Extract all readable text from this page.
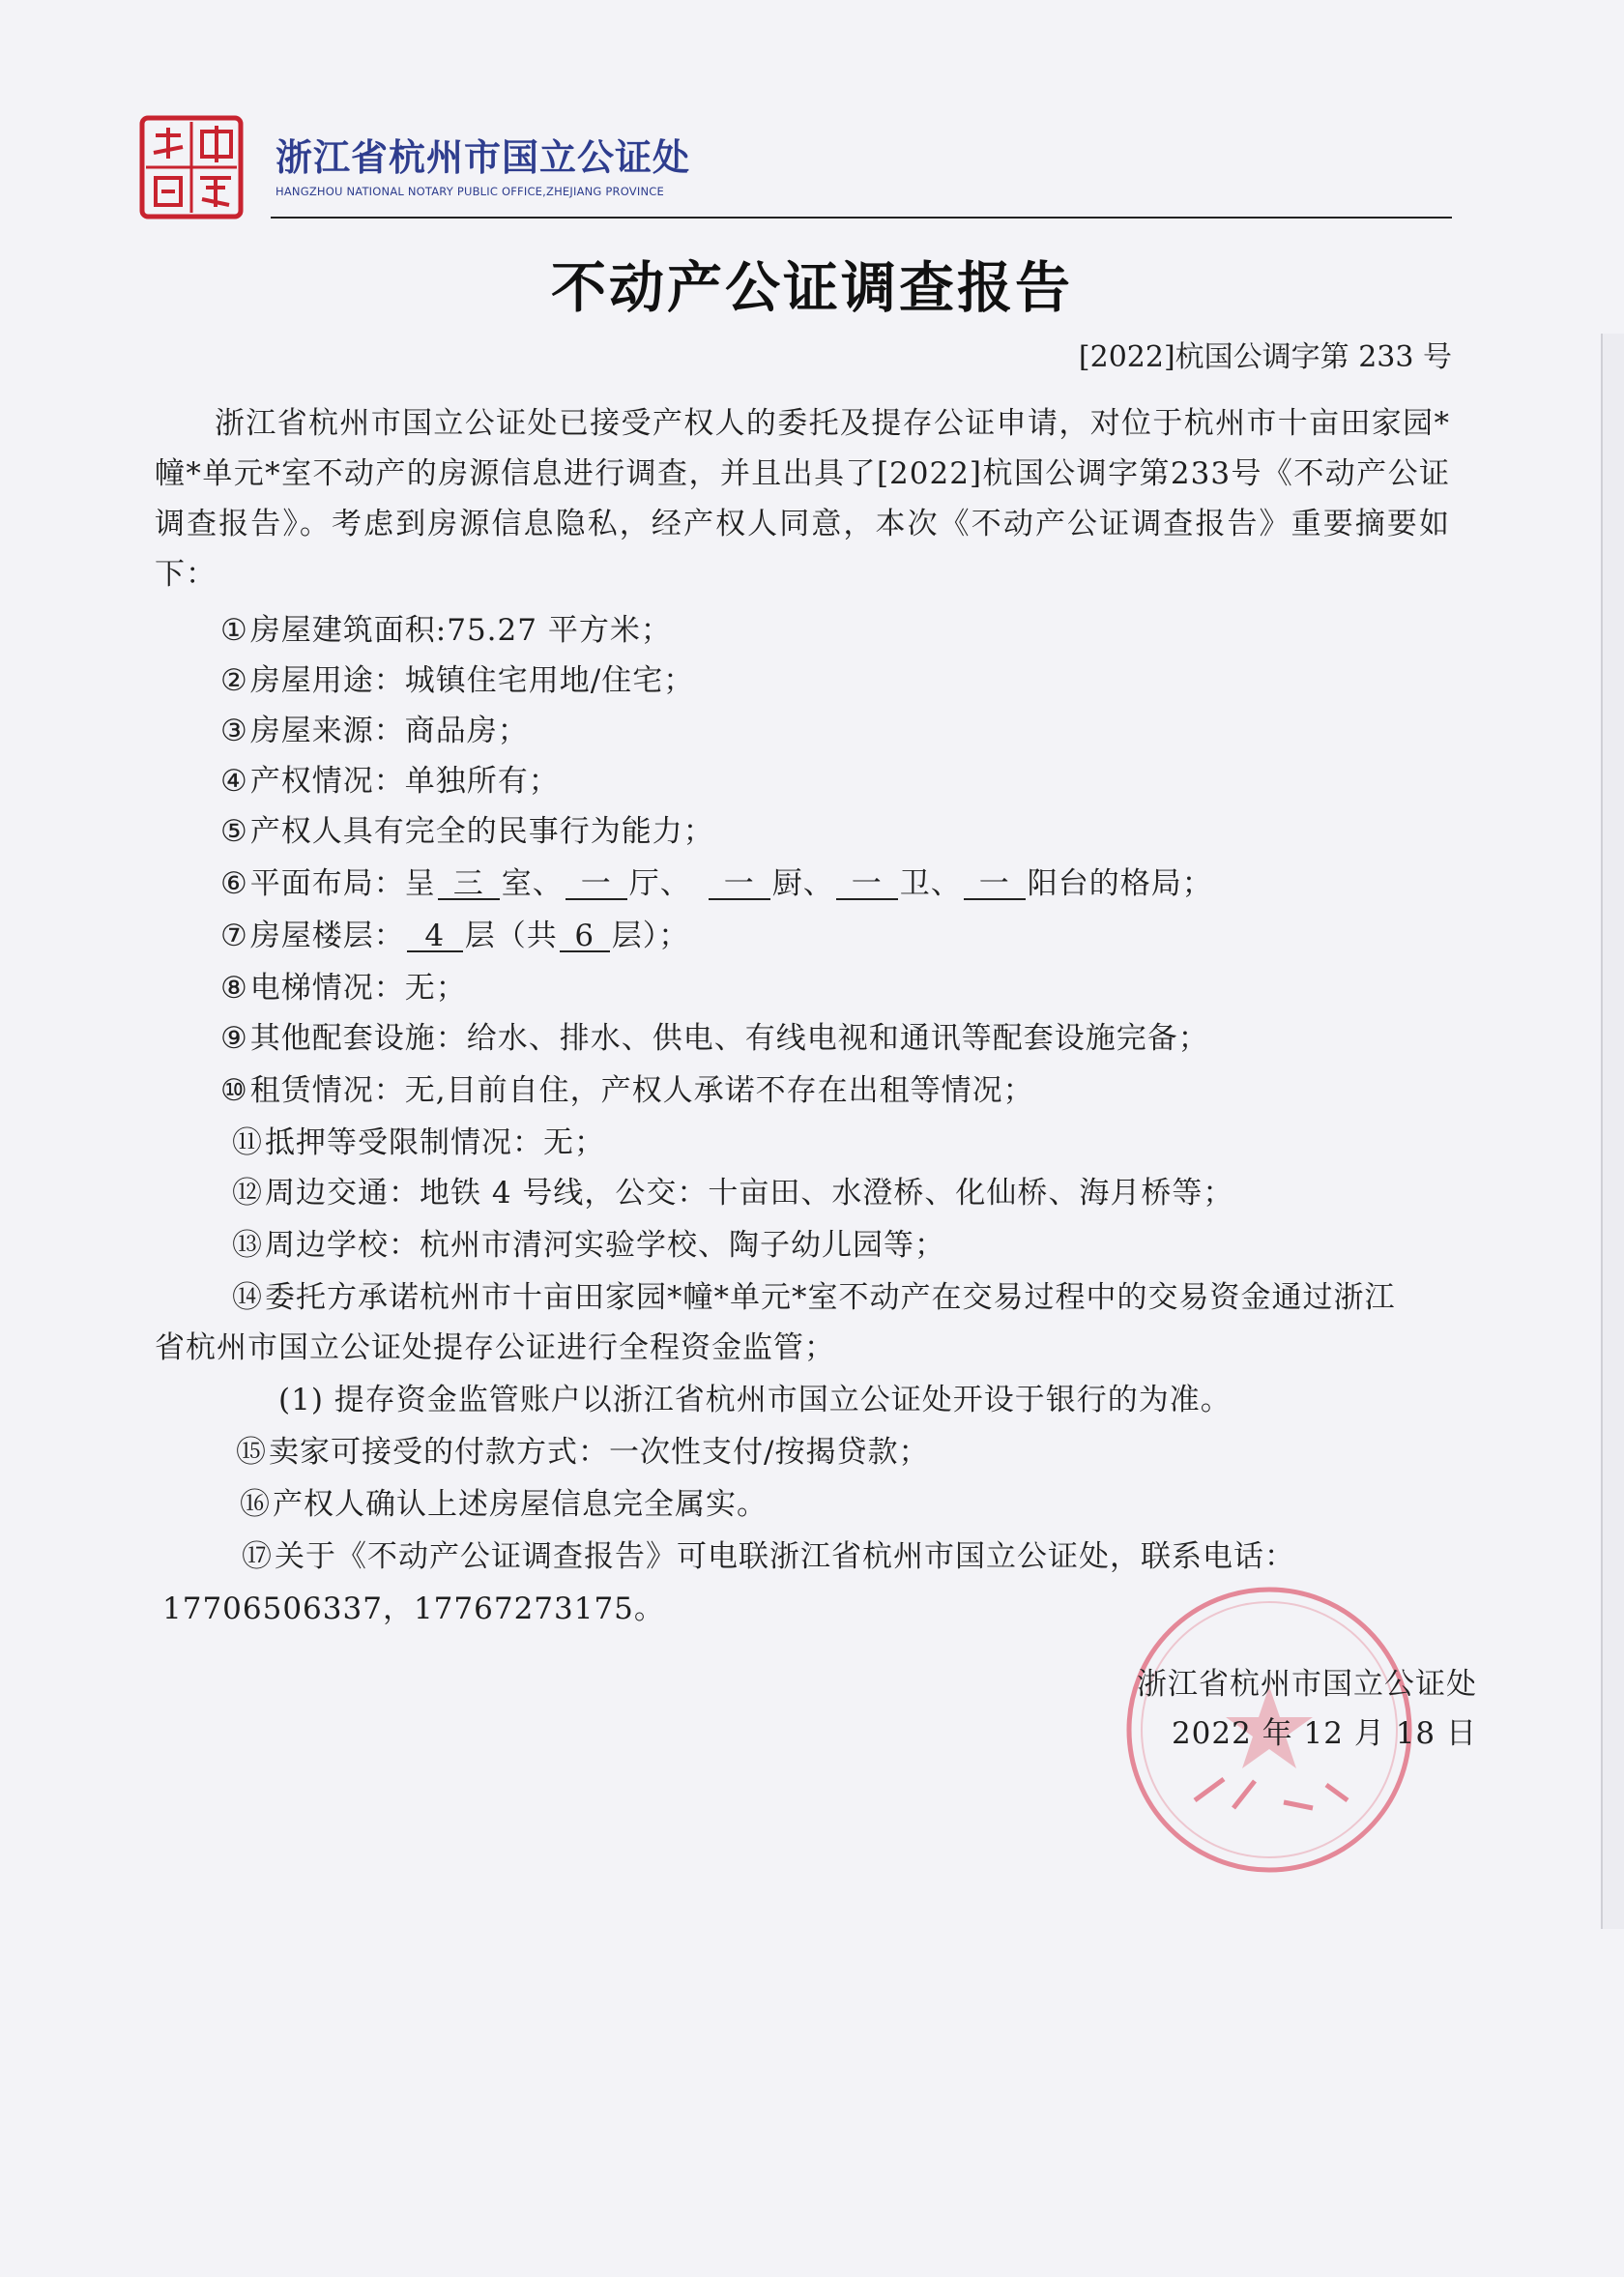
浙江省杭州市国立公证处
HANGZHOU NATIONAL NOTARY PUBLIC OFFICE,ZHEJIANG PROVINCE
不动产公证调查报告
[2022]杭国公调字第 233 号
浙江省杭州市国立公证处已接受产权人的委托及提存公证申请，对位于杭州市十亩田家园*幢*单元*室不动产的房源信息进行调查，并且出具了[2022]杭国公调字第233号《不动产公证调查报告》。考虑到房源信息隐私，经产权人同意，本次《不动产公证调查报告》重要摘要如下：
①房屋建筑面积:75.27 平方米；
②房屋用途：城镇住宅用地/住宅；
③房屋来源：商品房；
④产权情况：单独所有；
⑤产权人具有完全的民事行为能力；
⑥平面布局：呈 三 室、 一 厅、 一 厨、 一 卫、 一 阳台的格局；
⑦房屋楼层： 4 层（共 6 层）；
⑧电梯情况：无；
⑨其他配套设施：给水、排水、供电、有线电视和通讯等配套设施完备；
⑩租赁情况：无,目前自住，产权人承诺不存在出租等情况；
⑪抵押等受限制情况：无；
⑫周边交通：地铁 4 号线，公交：十亩田、水澄桥、化仙桥、海月桥等；
⑬周边学校：杭州市清河实验学校、陶子幼儿园等；
⑭委托方承诺杭州市十亩田家园*幢*单元*室不动产在交易过程中的交易资金通过浙江
省杭州市国立公证处提存公证进行全程资金监管；
(1) 提存资金监管账户以浙江省杭州市国立公证处开设于银行的为准。
⑮卖家可接受的付款方式：一次性支付/按揭贷款；
⑯产权人确认上述房屋信息完全属实。
⑰关于《不动产公证调查报告》可电联浙江省杭州市国立公证处，联系电话：
17706506337，17767273175。
浙江省杭州市国立公证处
2022 年 12 月 18 日
